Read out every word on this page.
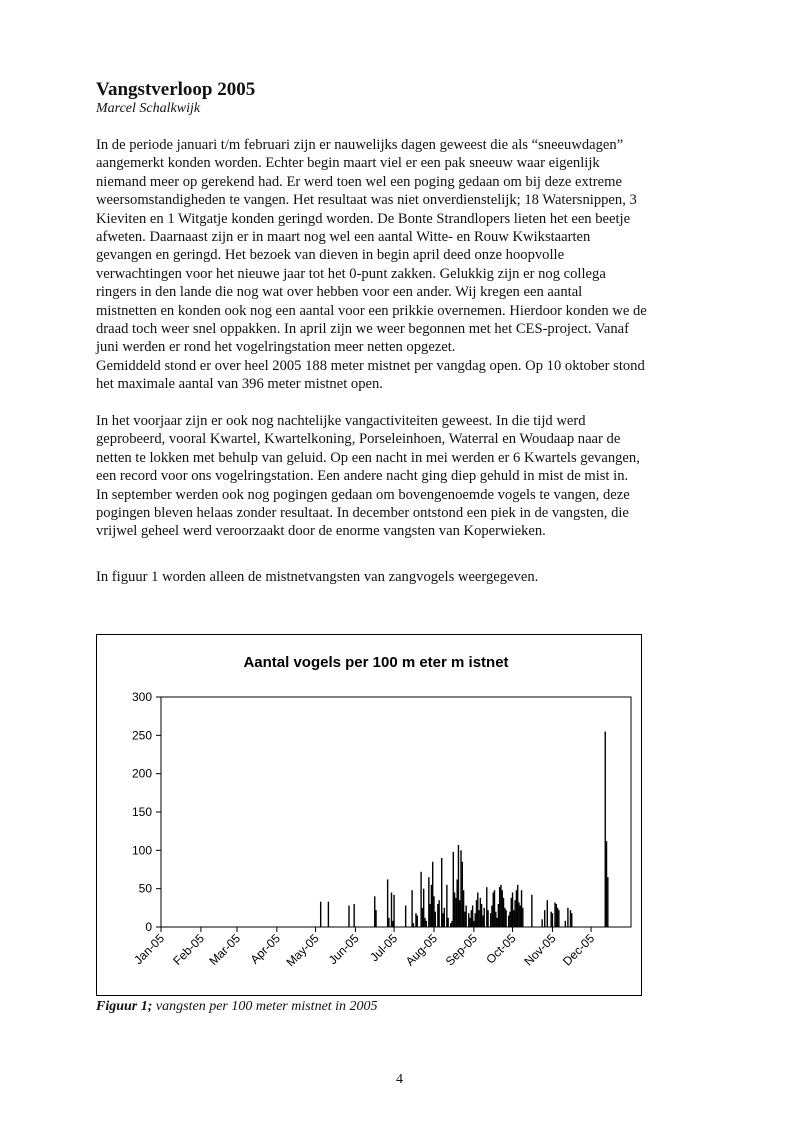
Vangstverloop 2005
Marcel Schalkwijk
In de periode januari t/m februari zijn er nauwelijks dagen geweest die als “sneeuwdagen”
aangemerkt konden worden. Echter begin maart viel er een pak sneeuw waar eigenlijk
niemand meer op gerekend had. Er werd toen wel een poging gedaan om bij deze extreme
weersomstandigheden te vangen. Het resultaat was niet onverdienstelijk; 18 Watersnippen, 3
Kieviten en 1 Witgatje konden geringd worden. De Bonte Strandlopers lieten het een beetje
afweten. Daarnaast zijn er in maart nog wel een aantal Witte- en Rouw Kwikstaarten
gevangen en geringd. Het bezoek van dieven in begin april deed onze hoopvolle
verwachtingen voor het nieuwe jaar tot het 0-punt zakken. Gelukkig zijn er nog collega
ringers in den lande die nog wat over hebben voor een ander. Wij kregen een aantal
mistnetten en konden ook nog een aantal voor een prikkie overnemen. Hierdoor konden we de
draad toch weer snel oppakken. In april zijn we weer begonnen met het CES-project. Vanaf
juni werden er rond het vogelringstation meer netten opgezet.
Gemiddeld stond er over heel 2005 188 meter mistnet per vangdag open. Op 10 oktober stond
het maximale aantal van 396 meter mistnet open.
In het voorjaar zijn er ook nog nachtelijke vangactiviteiten geweest. In die tijd werd
geprobeerd, vooral Kwartel, Kwartelkoning, Porseleinhoen, Waterral en Woudaap naar de
netten te lokken met behulp van geluid. Op een nacht in mei werden er 6 Kwartels gevangen,
een record voor ons vogelringstation. Een andere nacht ging diep gehuld in mist de mist in.
In september werden ook nog pogingen gedaan om bovengenoemde vogels te vangen, deze
pogingen bleven helaas zonder resultaat. In december ontstond een piek in de vangsten, die
vrijwel geheel werd veroorzaakt door de enorme vangsten van Koperwieken.
In figuur 1 worden alleen de mistnetvangsten van zangvogels weergegeven.
Aantal vogels per 100 m eter m istnet
300
250
200
150
100
50
0
Jan-05 Feb-05 Mar-05 Apr-05 May-05 Jun-05 Jul-05 Aug-05 Sep-05 Oct-05 Nov-05 Dec-05
Figuur 1; vangsten per 100 meter mistnet in 2005
4
